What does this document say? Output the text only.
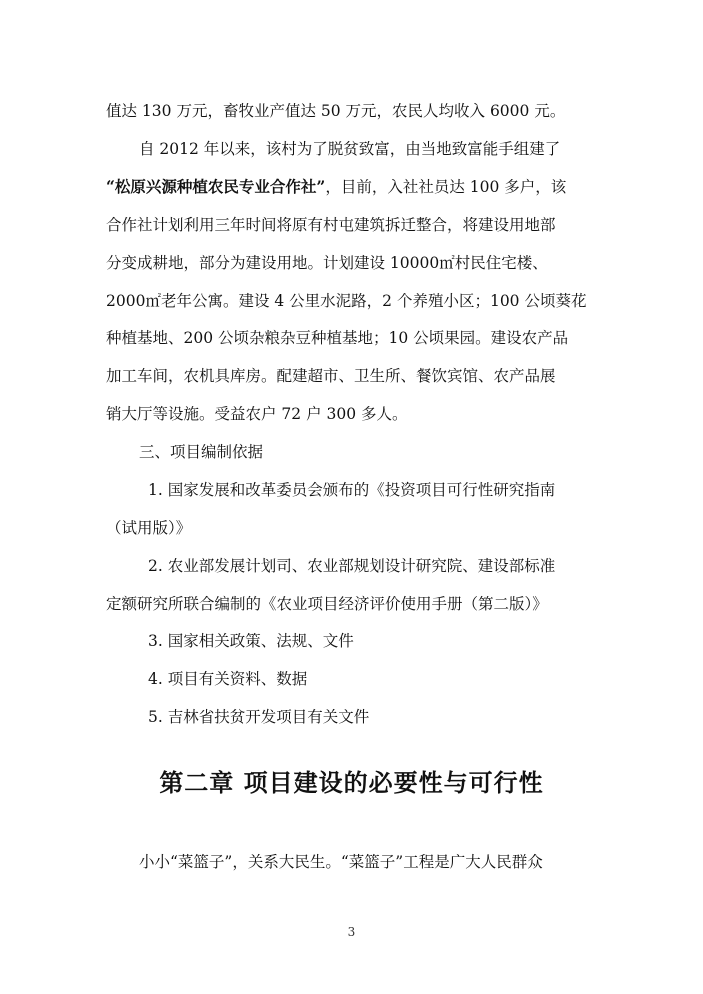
值达 130 万元，畜牧业产值达 50 万元，农民人均收入 6000 元。
自 2012 年以来，该村为了脱贫致富，由当地致富能手组建了
“松原兴源种植农民专业合作社”，目前，入社社员达 100 多户，该
合作社计划利用三年时间将原有村屯建筑拆迁整合，将建设用地部
分变成耕地，部分为建设用地。计划建设 10000㎡村民住宅楼、
2000㎡老年公寓。建设 4 公里水泥路，2 个养殖小区；100 公顷葵花
种植基地、200 公顷杂粮杂豆种植基地；10 公顷果园。建设农产品
加工车间，农机具库房。配建超市、卫生所、餐饮宾馆、农产品展
销大厅等设施。受益农户 72 户 300 多人。
三、项目编制依据
1. 国家发展和改革委员会颁布的《投资项目可行性研究指南
（试用版）》
2. 农业部发展计划司、农业部规划设计研究院、建设部标准
定额研究所联合编制的《农业项目经济评价使用手册（第二版）》
3. 国家相关政策、法规、文件
4. 项目有关资料、数据
5. 吉林省扶贫开发项目有关文件
第二章 项目建设的必要性与可行性
小小“菜篮子”，关系大民生。“菜篮子”工程是广大人民群众
3
